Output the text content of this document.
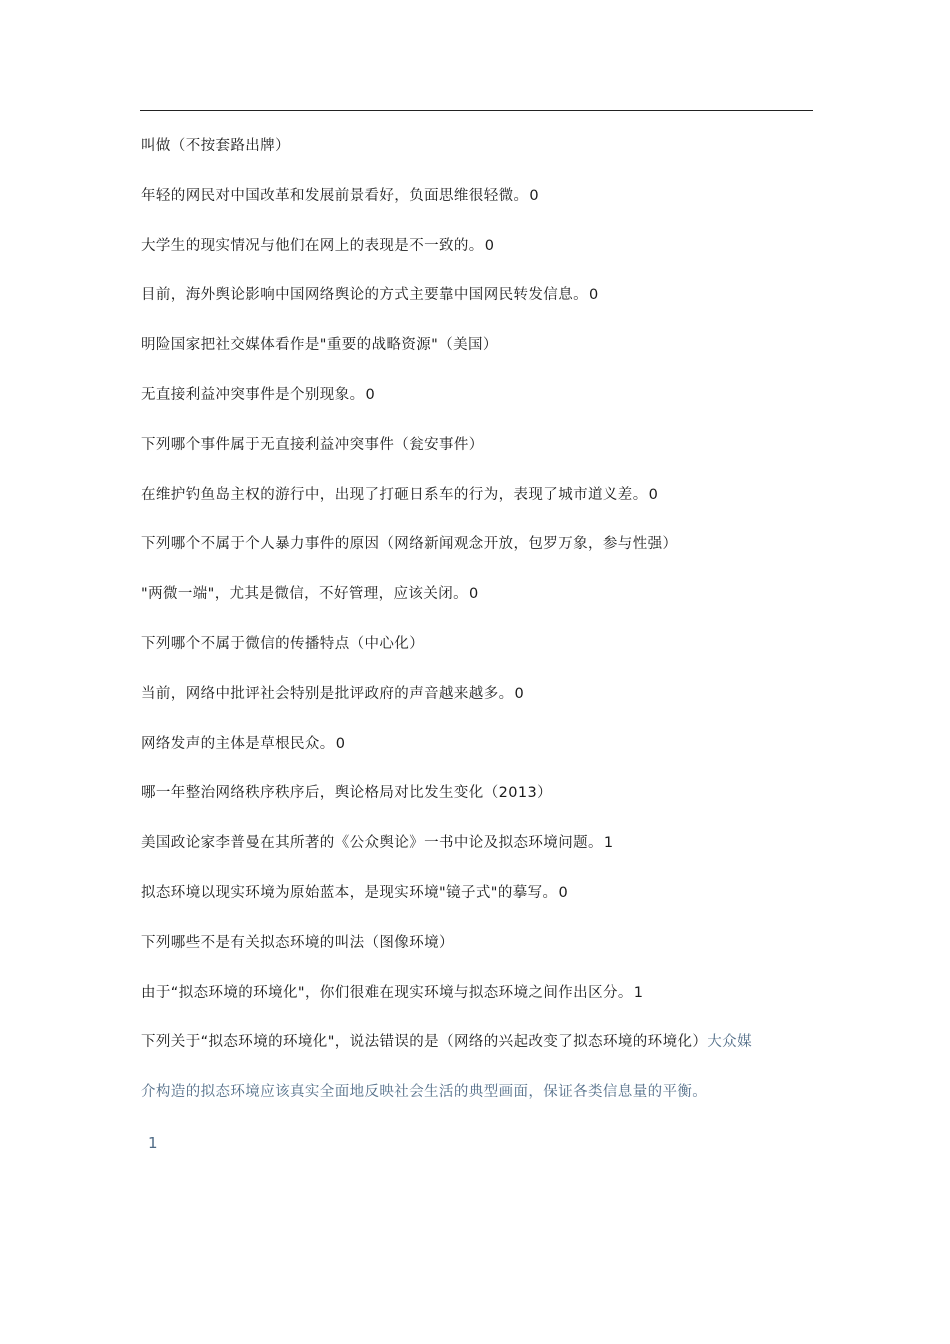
叫做（不按套路出牌）
年轻的网民对中国改革和发展前景看好，负面思维很轻微。0
大学生的现实情况与他们在网上的表现是不一致的。0
目前，海外舆论影响中国网络舆论的方式主要靠中国网民转发信息。0
明险国家把社交媒体看作是"重要的战略资源"（美国）
无直接利益冲突事件是个别现象。0
下列哪个事件属于无直接利益冲突事件（瓮安事件）
在维护钓鱼岛主权的游行中，出现了打砸日系车的行为，表现了城市道义差。0
下列哪个不属于个人暴力事件的原因（网络新闻观念开放，包罗万象，参与性强）
"两微一端"，尤其是微信，不好管理，应该关闭。0
下列哪个不属于微信的传播特点（中心化）
当前，网络中批评社会特别是批评政府的声音越来越多。0
网络发声的主体是草根民众。0
哪一年整治网络秩序秩序后，舆论格局对比发生变化（2013）
美国政论家李普曼在其所著的《公众舆论》一书中论及拟态环境问题。1
拟态环境以现实环境为原始蓝本，是现实环境"镜子式"的摹写。0
下列哪些不是有关拟态环境的叫法（图像环境）
由于“拟态环境的环境化"，你们很难在现实环境与拟态环境之间作出区分。1
下列关于“拟态环境的环境化"，说法错误的是（网络的兴起改变了拟态环境的环境化）大众媒
介构造的拟态环境应该真实全面地反映社会生活的典型画面，保证各类信息量的平衡。
1
